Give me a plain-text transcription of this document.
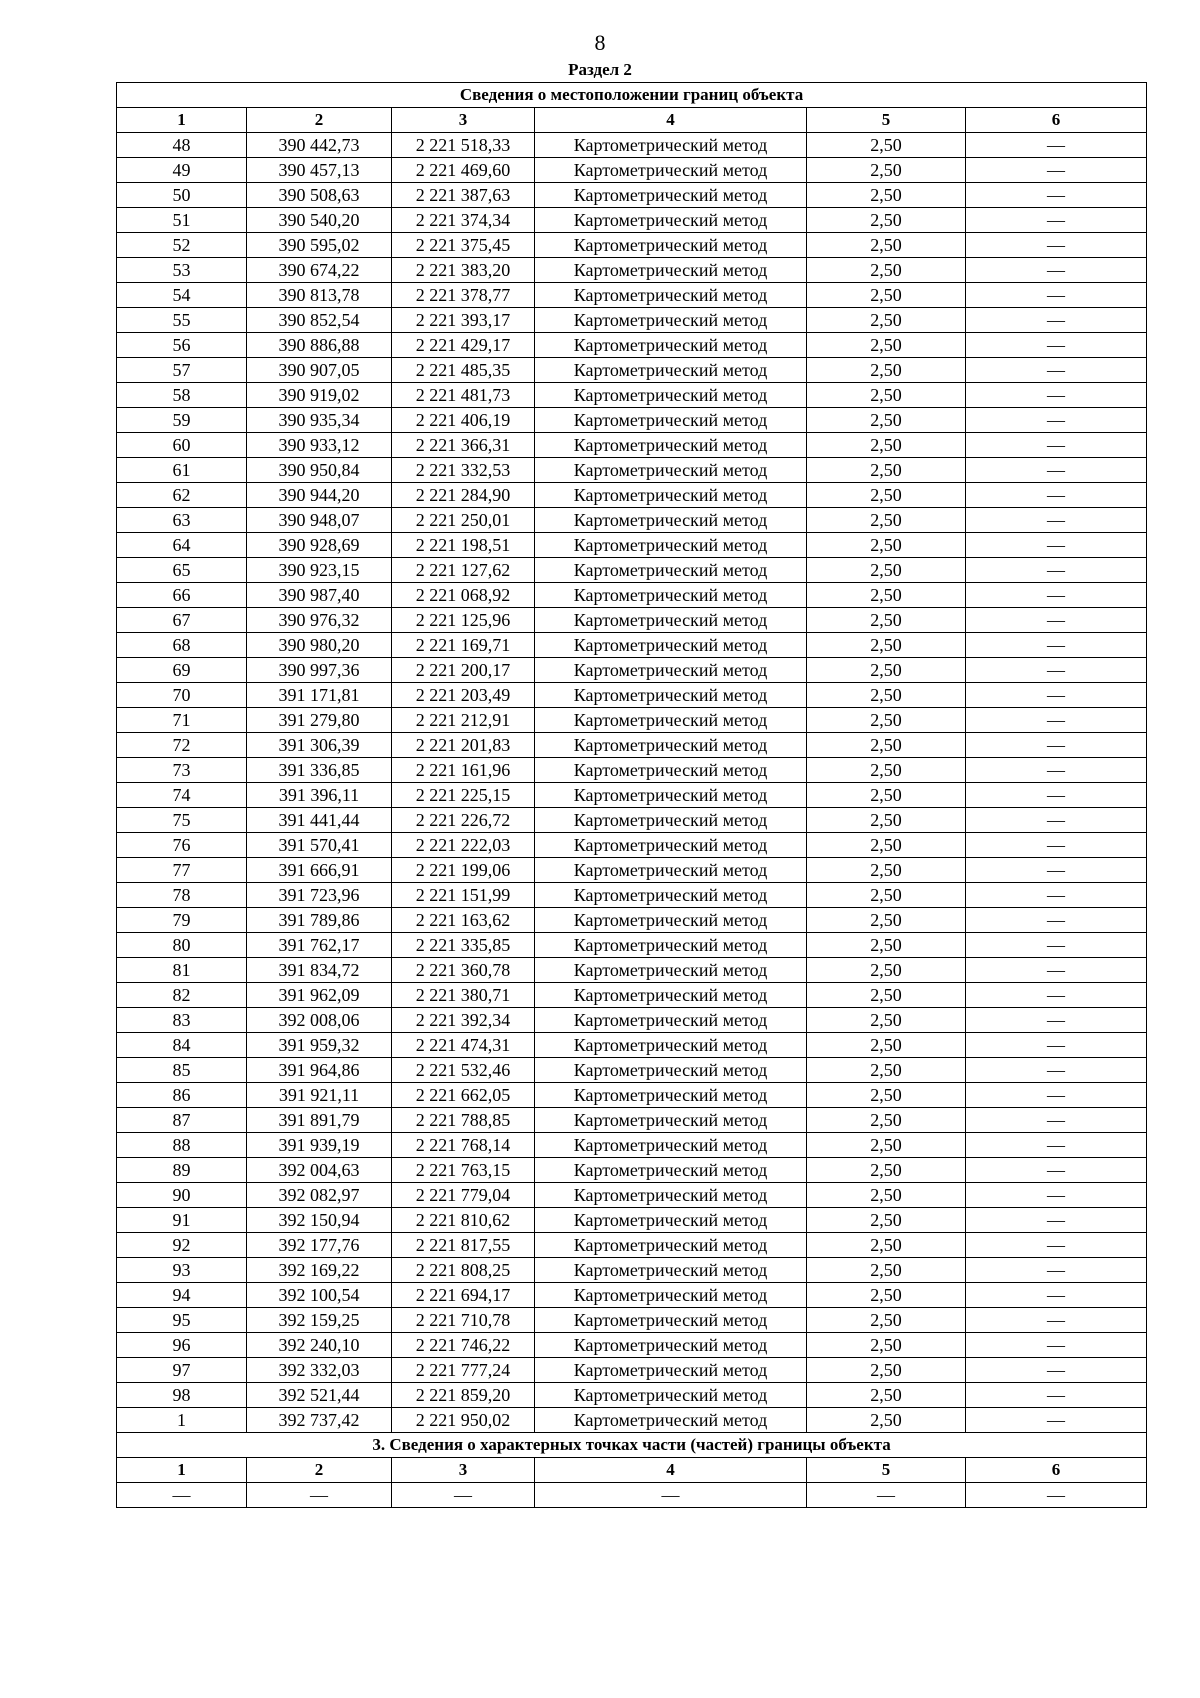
8
Раздел 2
Сведения о местоположении границ объекта					
1	2	3	4	5	6
48	390 442,73	2 221 518,33	Картометрический метод	2,50	—
49	390 457,13	2 221 469,60	Картометрический метод	2,50	—
50	390 508,63	2 221 387,63	Картометрический метод	2,50	—
51	390 540,20	2 221 374,34	Картометрический метод	2,50	—
52	390 595,02	2 221 375,45	Картометрический метод	2,50	—
53	390 674,22	2 221 383,20	Картометрический метод	2,50	—
54	390 813,78	2 221 378,77	Картометрический метод	2,50	—
55	390 852,54	2 221 393,17	Картометрический метод	2,50	—
56	390 886,88	2 221 429,17	Картометрический метод	2,50	—
57	390 907,05	2 221 485,35	Картометрический метод	2,50	—
58	390 919,02	2 221 481,73	Картометрический метод	2,50	—
59	390 935,34	2 221 406,19	Картометрический метод	2,50	—
60	390 933,12	2 221 366,31	Картометрический метод	2,50	—
61	390 950,84	2 221 332,53	Картометрический метод	2,50	—
62	390 944,20	2 221 284,90	Картометрический метод	2,50	—
63	390 948,07	2 221 250,01	Картометрический метод	2,50	—
64	390 928,69	2 221 198,51	Картометрический метод	2,50	—
65	390 923,15	2 221 127,62	Картометрический метод	2,50	—
66	390 987,40	2 221 068,92	Картометрический метод	2,50	—
67	390 976,32	2 221 125,96	Картометрический метод	2,50	—
68	390 980,20	2 221 169,71	Картометрический метод	2,50	—
69	390 997,36	2 221 200,17	Картометрический метод	2,50	—
70	391 171,81	2 221 203,49	Картометрический метод	2,50	—
71	391 279,80	2 221 212,91	Картометрический метод	2,50	—
72	391 306,39	2 221 201,83	Картометрический метод	2,50	—
73	391 336,85	2 221 161,96	Картометрический метод	2,50	—
74	391 396,11	2 221 225,15	Картометрический метод	2,50	—
75	391 441,44	2 221 226,72	Картометрический метод	2,50	—
76	391 570,41	2 221 222,03	Картометрический метод	2,50	—
77	391 666,91	2 221 199,06	Картометрический метод	2,50	—
78	391 723,96	2 221 151,99	Картометрический метод	2,50	—
79	391 789,86	2 221 163,62	Картометрический метод	2,50	—
80	391 762,17	2 221 335,85	Картометрический метод	2,50	—
81	391 834,72	2 221 360,78	Картометрический метод	2,50	—
82	391 962,09	2 221 380,71	Картометрический метод	2,50	—
83	392 008,06	2 221 392,34	Картометрический метод	2,50	—
84	391 959,32	2 221 474,31	Картометрический метод	2,50	—
85	391 964,86	2 221 532,46	Картометрический метод	2,50	—
86	391 921,11	2 221 662,05	Картометрический метод	2,50	—
87	391 891,79	2 221 788,85	Картометрический метод	2,50	—
88	391 939,19	2 221 768,14	Картометрический метод	2,50	—
89	392 004,63	2 221 763,15	Картометрический метод	2,50	—
90	392 082,97	2 221 779,04	Картометрический метод	2,50	—
91	392 150,94	2 221 810,62	Картометрический метод	2,50	—
92	392 177,76	2 221 817,55	Картометрический метод	2,50	—
93	392 169,22	2 221 808,25	Картометрический метод	2,50	—
94	392 100,54	2 221 694,17	Картометрический метод	2,50	—
95	392 159,25	2 221 710,78	Картометрический метод	2,50	—
96	392 240,10	2 221 746,22	Картометрический метод	2,50	—
97	392 332,03	2 221 777,24	Картометрический метод	2,50	—
98	392 521,44	2 221 859,20	Картометрический метод	2,50	—
1	392 737,42	2 221 950,02	Картометрический метод	2,50	—
3. Сведения о характерных точках части (частей) границы объекта					
1	2	3	4	5	6
—	—	—	—	—	—
